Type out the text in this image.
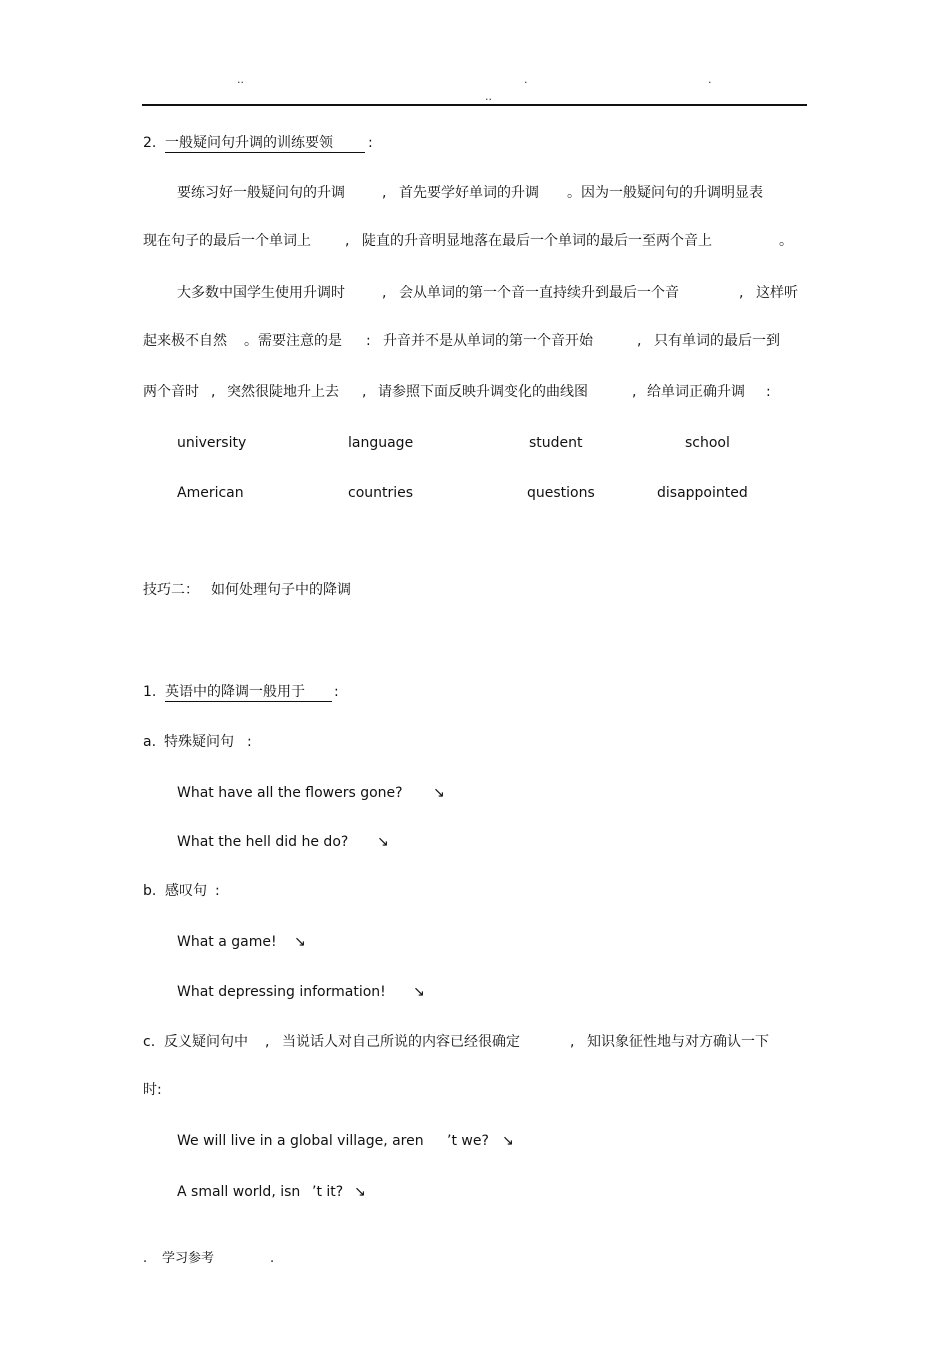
..	.	.
..
2. 一般疑问句升调的训练要领	:
要练习好一般疑问句的升调	, 首先要学好单词的升调 。因为一般疑问句的升调明显表
现在句子的最后一个单词上 , 陡直的升音明显地落在最后一个单词的最后一至两个音上	。
大多数中国学生使用升调时	, 会从单词的第一个音一直持续升到最后一个音	, 这样听
起来极不自然 。需要注意的是 : 升音并不是从单词的第一个音开始	, 只有单词的最后一到
两个音时 , 突然很陡地升上去 , 请参照下面反映升调变化的曲线图	, 给单词正确升调 :
university	language	student	school
American	countries	questions	disappointed
技巧二： 如何处理句子中的降调
1. 英语中的降调一般用于	:
a. 特殊疑问句 :
What have all the flowers gone? ↘
What the hell did he do? ↘
b. 感叹句 :
What a game! ↘
What depressing information! ↘
c. 反义疑问句中 , 当说话人对自己所说的内容已经很确定	, 知识象征性地与对方确认一下
时:
We will live in a global village, aren ’t we? ↘
A small world, isn ’t it? ↘
. 学习参考	.
